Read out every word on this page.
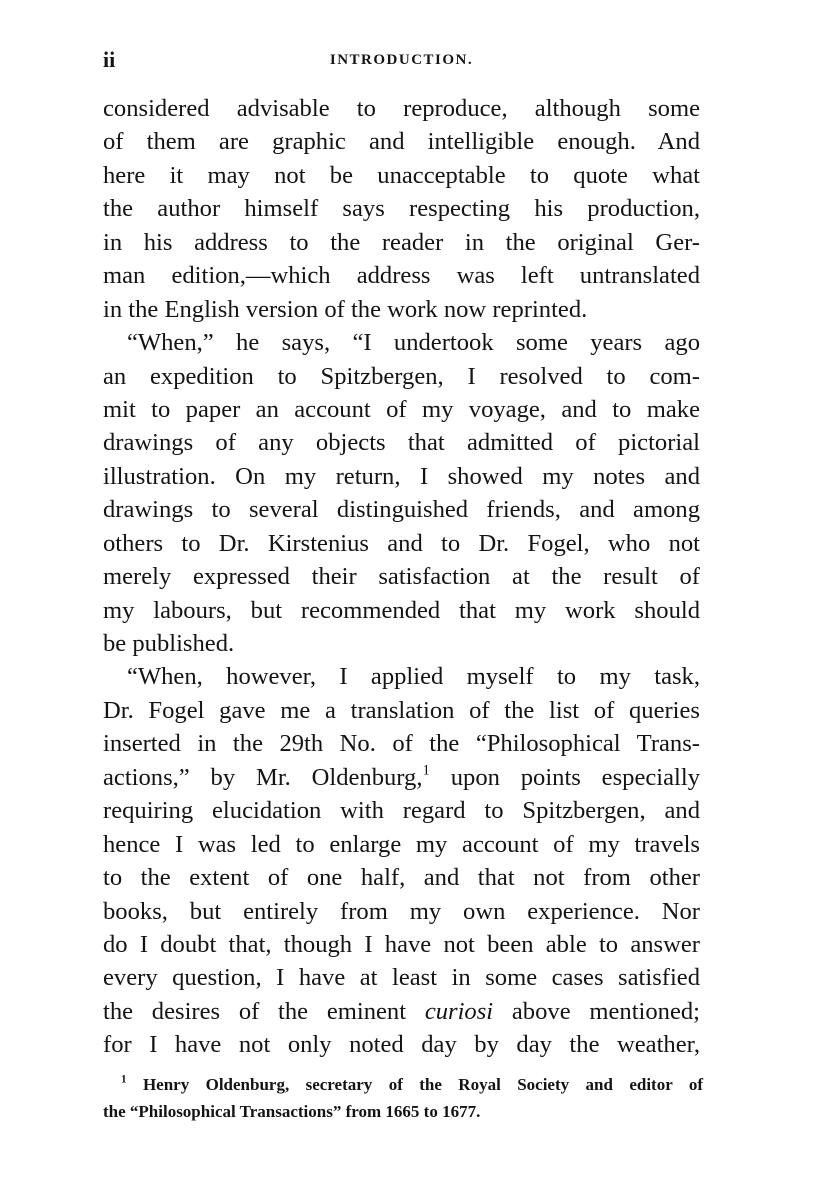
ii	INTRODUCTION.
considered advisable to reproduce, although some
of them are graphic and intelligible enough. And
here it may not be unacceptable to quote what
the author himself says respecting his production,
in his address to the reader in the original Ger-
man edition,—which address was left untranslated
in the English version of the work now reprinted.
“When,” he says, “I undertook some years ago
an expedition to Spitzbergen, I resolved to com-
mit to paper an account of my voyage, and to make
drawings of any objects that admitted of pictorial
illustration. On my return, I showed my notes and
drawings to several distinguished friends, and among
others to Dr. Kirstenius and to Dr. Fogel, who not
merely expressed their satisfaction at the result of
my labours, but recommended that my work should
be published.
“When, however, I applied myself to my task,
Dr. Fogel gave me a translation of the list of queries
inserted in the 29th No. of the “Philosophical Trans-
actions,” by Mr. Oldenburg,$^1$ upon points especially
requiring elucidation with regard to Spitzbergen, and
hence I was led to enlarge my account of my travels
to the extent of one half, and that not from other
books, but entirely from my own experience. Nor
do I doubt that, though I have not been able to answer
every question, I have at least in some cases satisfied
the desires of the eminent curiosi above mentioned;
for I have not only noted day by day the weather,
$^1$ Henry Oldenburg, secretary of the Royal Society and editor of
the “Philosophical Transactions” from 1665 to 1677.
